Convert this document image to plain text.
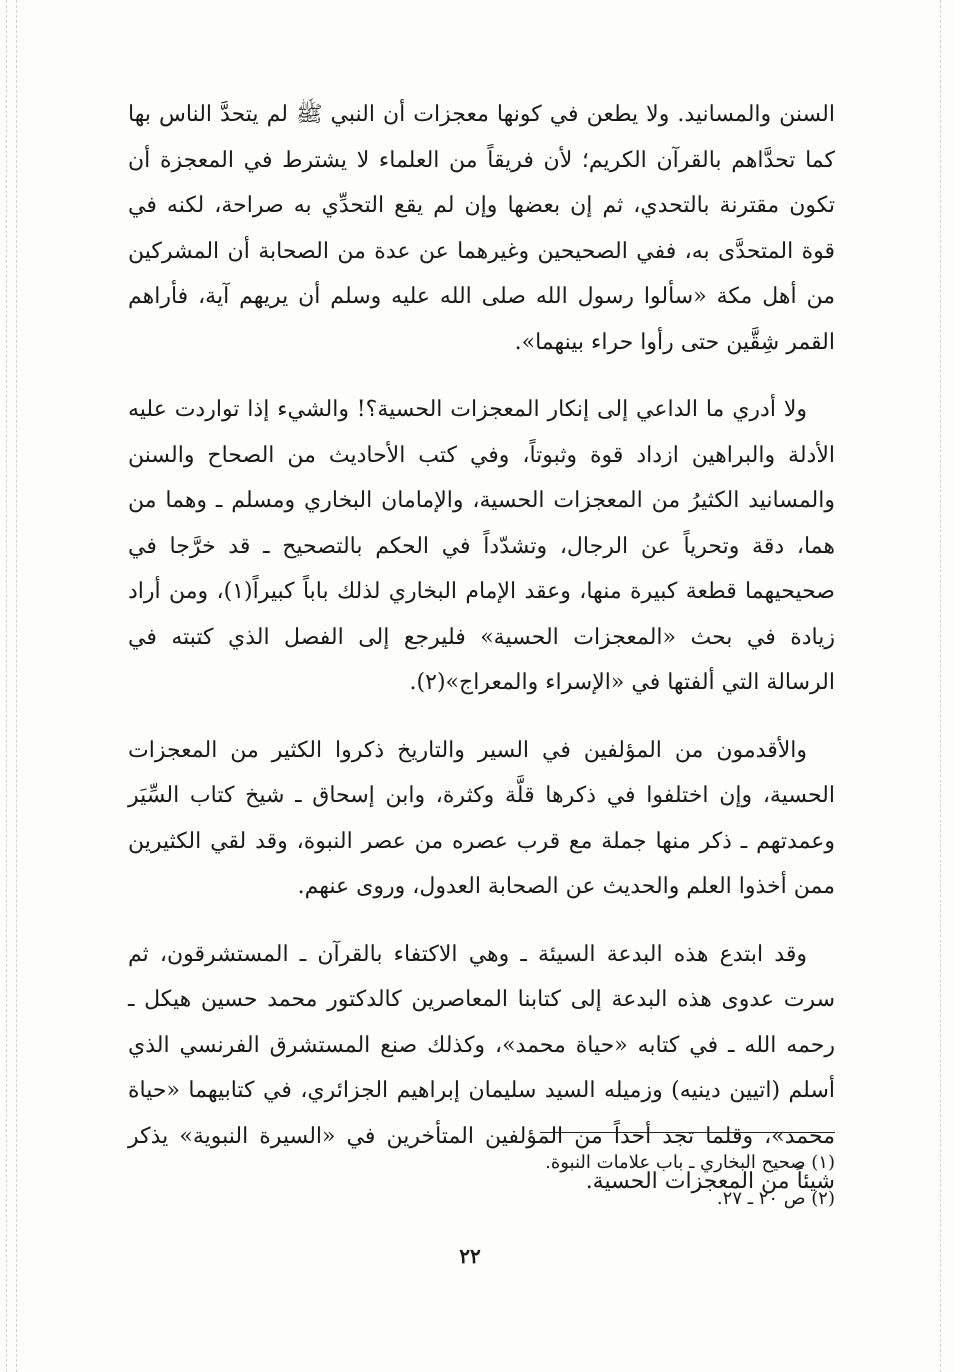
السنن والمسانيد. ولا يطعن في كونها معجزات أن النبي ﷺ لم يتحدَّ الناس بها كما تحدَّاهم بالقرآن الكريم؛ لأن فريقاً من العلماء لا يشترط في المعجزة أن تكون مقترنة بالتحدي، ثم إن بعضها وإن لم يقع التحدِّي به صراحة، لكنه في قوة المتحدَّى به، ففي الصحيحين وغيرهما عن عدة من الصحابة أن المشركين من أهل مكة «سألوا رسول الله صلى الله عليه وسلم أن يريهم آية، فأراهم القمر شِقَّين حتى رأوا حراء بينهما».

ولا أدري ما الداعي إلى إنكار المعجزات الحسية؟! والشيء إذا تواردت عليه الأدلة والبراهين ازداد قوة وثبوتاً، وفي كتب الأحاديث من الصحاح والسنن والمسانيد الكثيرُ من المعجزات الحسية، والإمامان البخاري ومسلم ـ وهما من هما، دقة وتحرياً عن الرجال، وتشدّداً في الحكم بالتصحيح ـ قد خرَّجا في صحيحيهما قطعة كبيرة منها، وعقد الإمام البخاري لذلك باباً كبيراً(١)، ومن أراد زيادة في بحث «المعجزات الحسية» فليرجع إلى الفصل الذي كتبته في الرسالة التي ألفتها في «الإسراء والمعراج»(٢).

والأقدمون من المؤلفين في السير والتاريخ ذكروا الكثير من المعجزات الحسية، وإن اختلفوا في ذكرها قلَّة وكثرة، وابن إسحاق ـ شيخ كتاب السِّيَر وعمدتهم ـ ذكر منها جملة مع قرب عصره من عصر النبوة، وقد لقي الكثيرين ممن أخذوا العلم والحديث عن الصحابة العدول، وروى عنهم.

وقد ابتدع هذه البدعة السيئة ـ وهي الاكتفاء بالقرآن ـ المستشرقون، ثم سرت عدوى هذه البدعة إلى كتابنا المعاصرين كالدكتور محمد حسين هيكل ـ رحمه الله ـ في كتابه «حياة محمد»، وكذلك صنع المستشرق الفرنسي الذي أسلم (اتيين دينيه) وزميله السيد سليمان إبراهيم الجزائري، في كتابيهما «حياة محمد»، وقلما تجد أحداً من المؤلفين المتأخرين في «السيرة النبوية» يذكر شيئاً من المعجزات الحسية.

(١) صحيح البخاري ـ باب علامات النبوة.

(٢) ص ٢٠ ـ ٢٧.

٢٢
